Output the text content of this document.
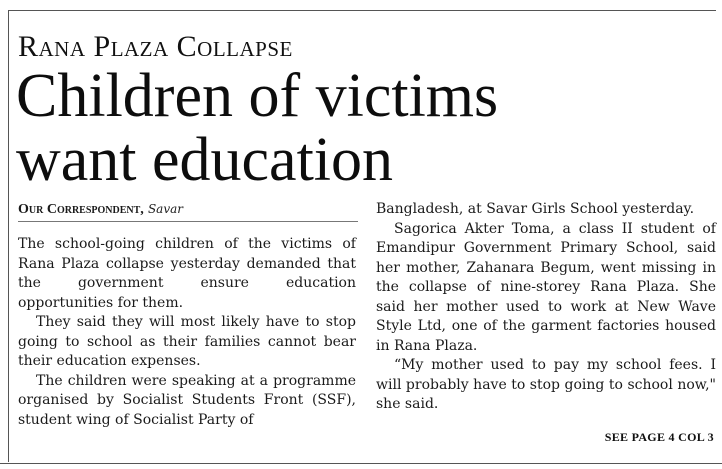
Rana Plaza Collapse
Children of victims want education
Our Correspondent, Savar

The school-going children of the victims of Rana Plaza collapse yesterday demanded that the government ensure education opportunities for them.

They said they will most likely have to stop going to school as their families cannot bear their education expenses.

The children were speaking at a programme organised by Socialist Students Front (SSF), student wing of Socialist Party of

Bangladesh, at Savar Girls School yesterday.

Sagorica Akter Toma, a class II student of Emandipur Government Primary School, said her mother, Zahanara Begum, went missing in the collapse of nine-storey Rana Plaza. She said her mother used to work at New Wave Style Ltd, one of the garment factories housed in Rana Plaza.

“My mother used to pay my school fees. I will probably have to stop going to school now," she said.

SEE PAGE 4 COL 3
